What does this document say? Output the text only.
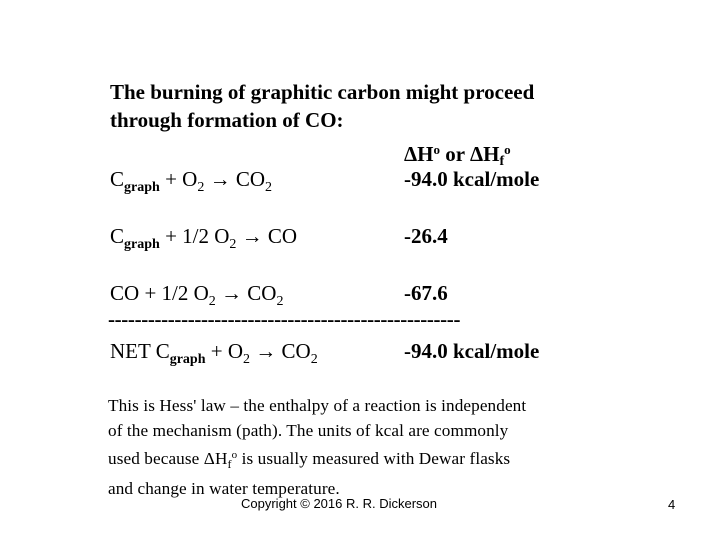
The burning of graphitic carbon might proceed
through formation of CO:
$\Delta H^o$ or ΔHf$^o$
$C_{graph} + O_2 \to CO_2$	-94.0 kcal/mole
$C_{graph} + 1/2$ $O_2$ → CO	-26.4
CO + 1/2 $O_2 \to CO_2$	-67.6
-----------------------------------------------------
NET $C_{graph} + O_2 \to CO_2$	-94.0 kcal/mole
This is Hess' law – the enthalpy of a reaction is independent
of the mechanism (path). The units of kcal are commonly
used because $\Delta H_f^o$ is usually measured with Dewar flasks
and change in water temperature.
Copyright © 2016 R. R. Dickerson	4
